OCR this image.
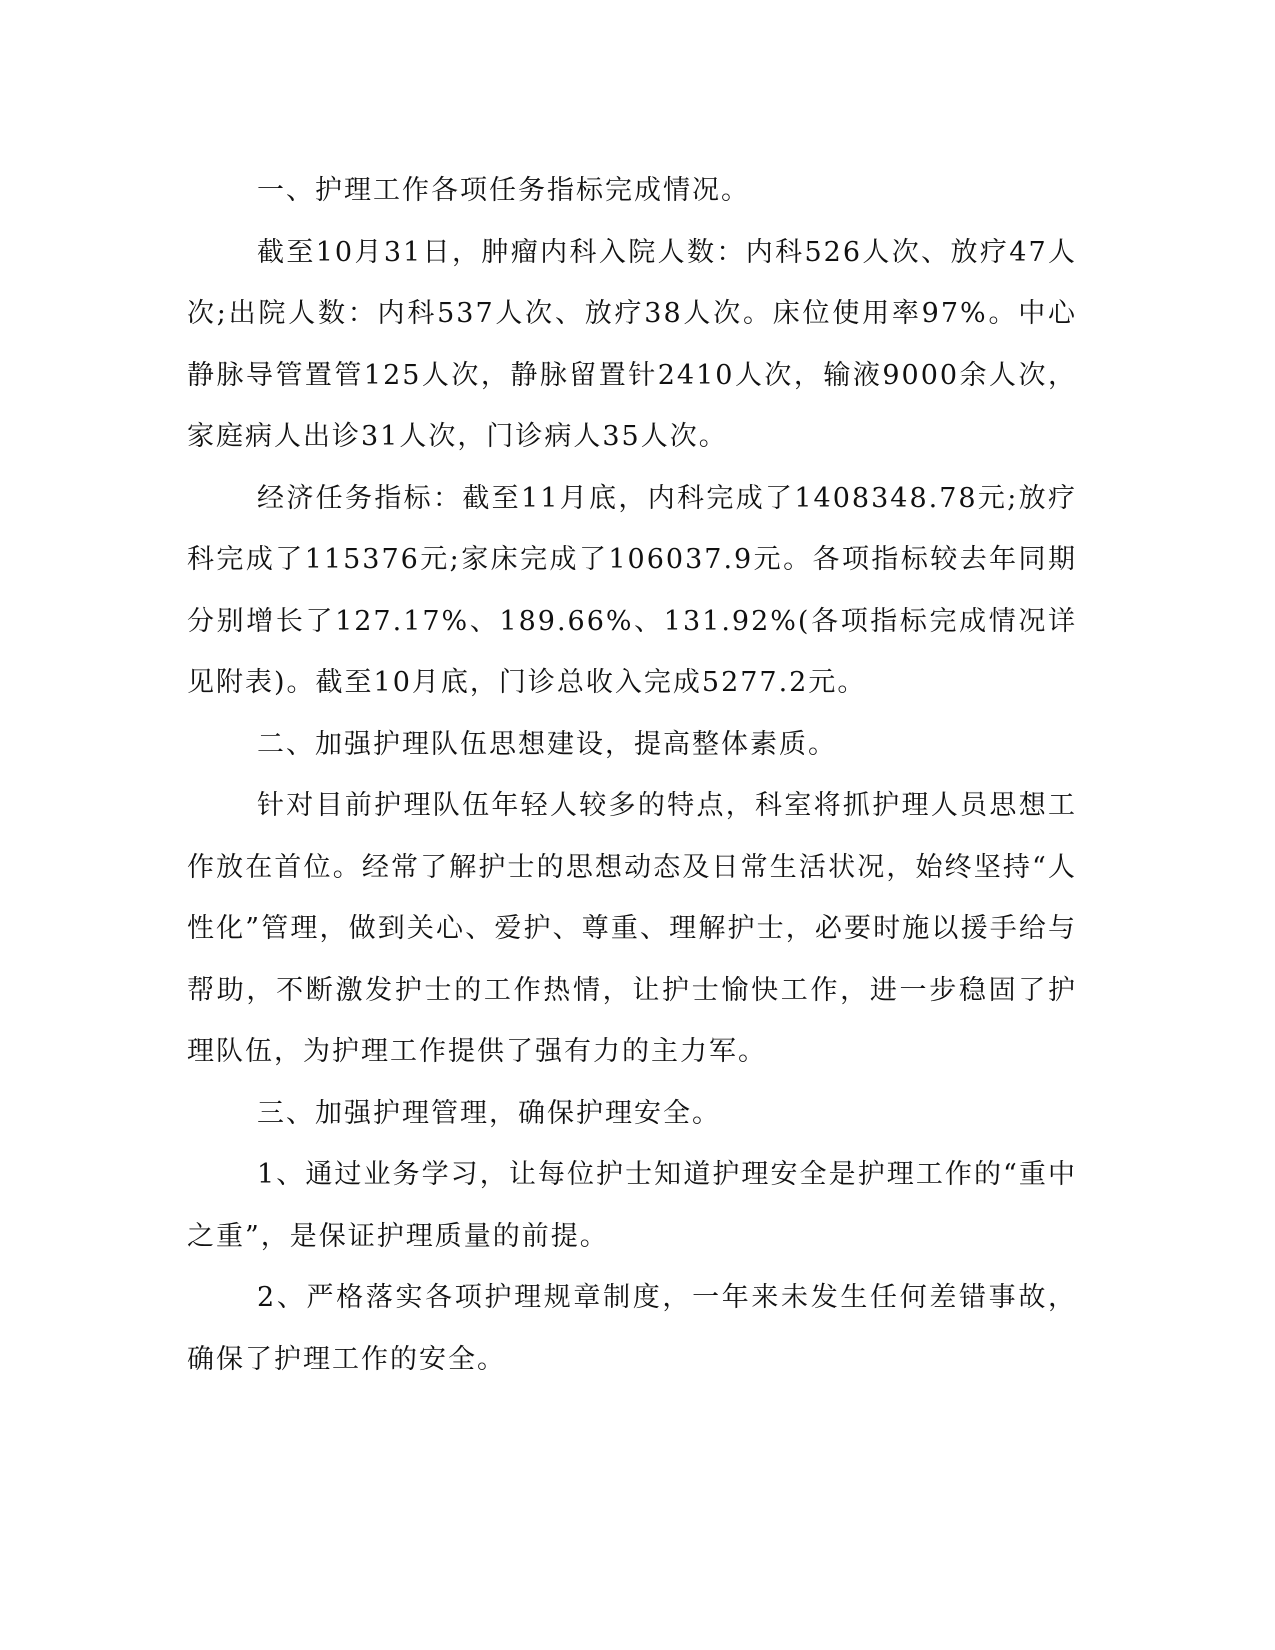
一、护理工作各项任务指标完成情况。

截至10月31日，肿瘤内科入院人数：内科526人次、放疗47人次;出院人数：内科537人次、放疗38人次。床位使用率97%。中心静脉导管置管125人次，静脉留置针2410人次，输液9000余人次，家庭病人出诊31人次，门诊病人35人次。

经济任务指标：截至11月底，内科完成了1408348.78元;放疗科完成了115376元;家床完成了106037.9元。各项指标较去年同期分别增长了127.17%、189.66%、131.92%(各项指标完成情况详见附表)。截至10月底，门诊总收入完成5277.2元。

二、加强护理队伍思想建设，提高整体素质。

针对目前护理队伍年轻人较多的特点，科室将抓护理人员思想工作放在首位。经常了解护士的思想动态及日常生活状况，始终坚持“人性化”管理，做到关心、爱护、尊重、理解护士，必要时施以援手给与帮助，不断激发护士的工作热情，让护士愉快工作，进一步稳固了护理队伍，为护理工作提供了强有力的主力军。

三、加强护理管理，确保护理安全。

1、通过业务学习，让每位护士知道护理安全是护理工作的“重中之重”，是保证护理质量的前提。

2、严格落实各项护理规章制度，一年来未发生任何差错事故，确保了护理工作的安全。
